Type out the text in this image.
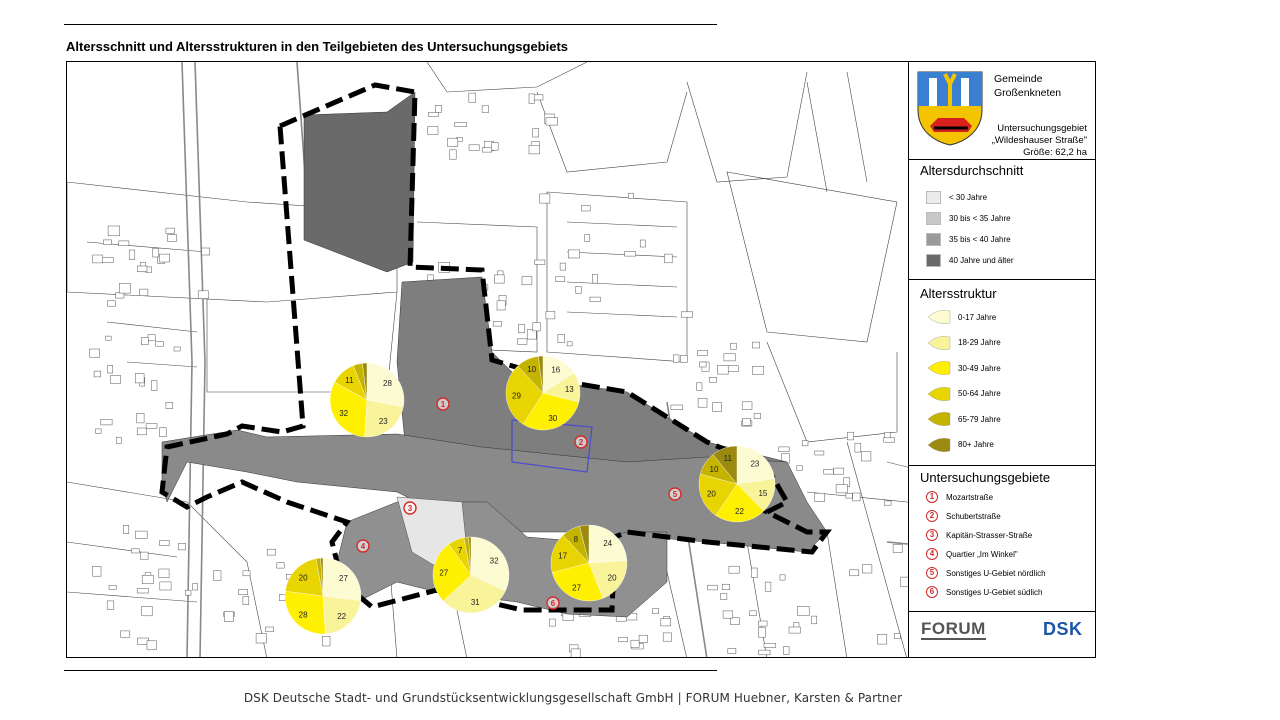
Altersschnitt und Altersstrukturen in den Teilgebieten des Untersuchungsgebiets
28
23
32
11
16
13
30
29
10
23
15
22
20
10
11
27
22
28
20
32
31
27
7
24
20
27
17
8
1
2
3
4
5
6
Gemeinde
Großenkneten
Untersuchungsgebiet
„Wildeshauser Straße"
Größe: 62,2 ha
Altersdurchschnitt
< 30 Jahre
30 bis < 35 Jahre
35 bis < 40 Jahre
40 Jahre und älter
Altersstruktur
0-17 Jahre
18-29 Jahre
30-49 Jahre
50-64 Jahre
65-79 Jahre
80+ Jahre
Untersuchungsgebiete
1	Mozartstraße
2	Schubertstraße
3	Kapitän-Strasser-Straße
4	Quartier „Im Winkel"
5	Sonstiges U-Gebiet nördlich
6	Sonstiges U-Gebiet südlich
FORUM	DSK
DSK Deutsche Stadt- und Grundstücksentwicklungsgesellschaft GmbH | FORUM Huebner, Karsten & Partner
